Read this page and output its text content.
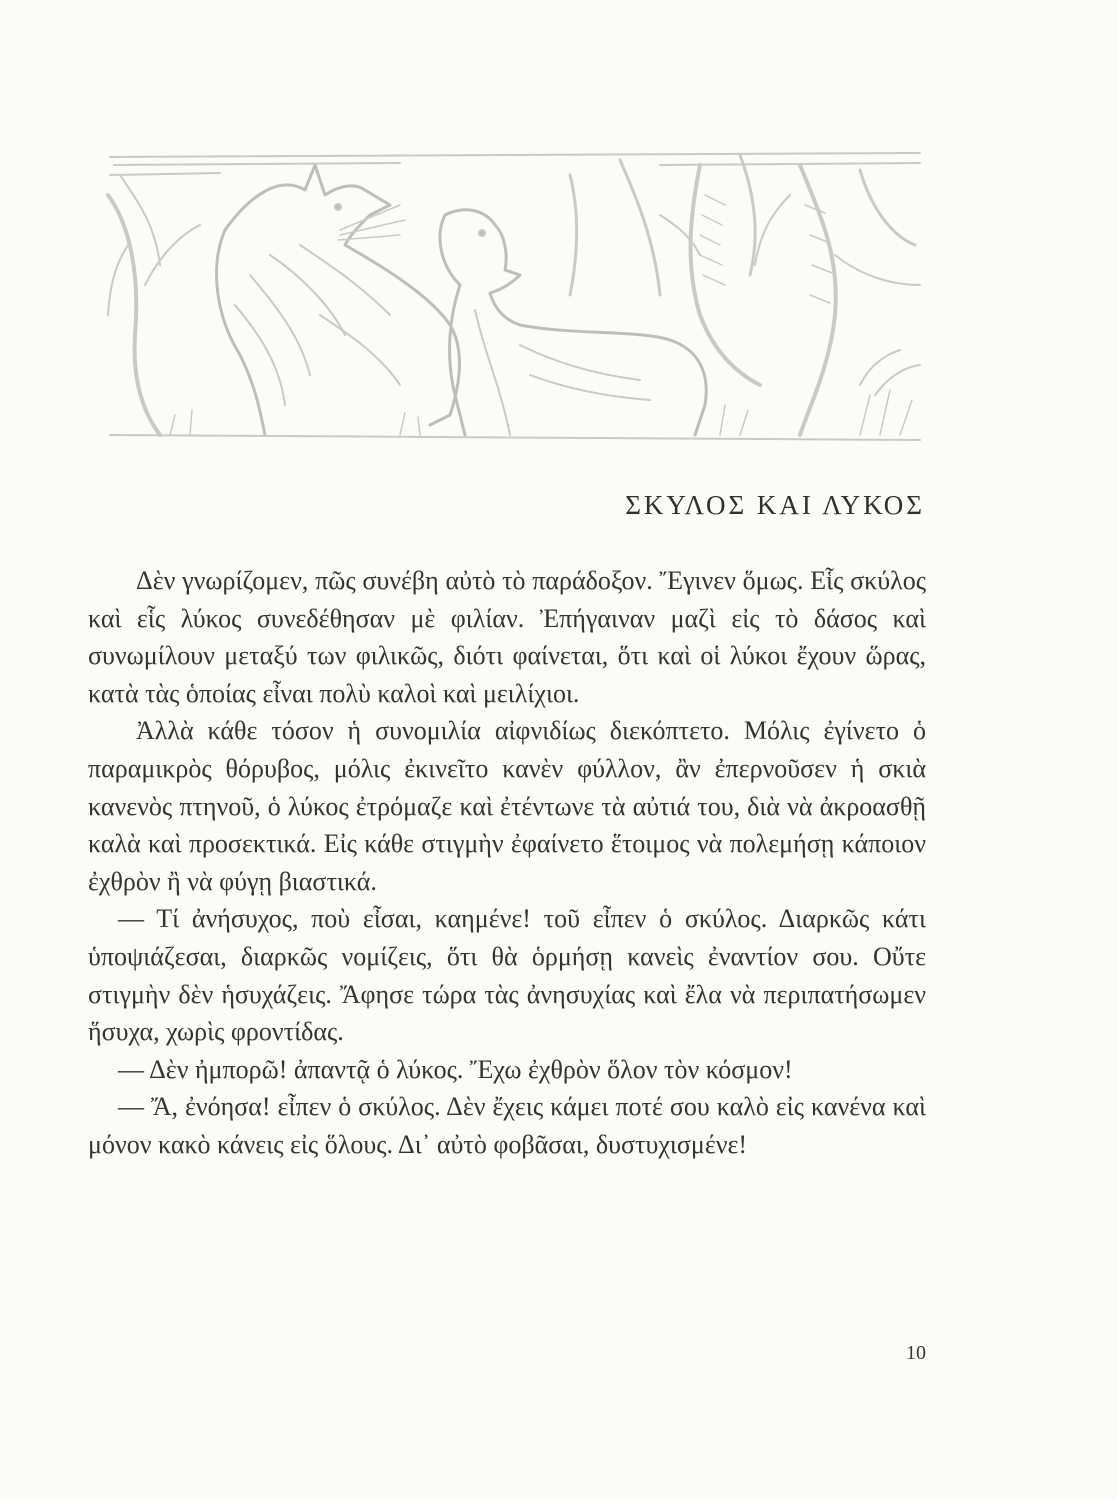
ΣΚΥΛΟΣ ΚΑΙ ΛΥΚΟΣ

Δὲν γνωρίζομεν, πῶς συνέβη αὐτὸ τὸ παράδοξον. Ἔγινεν ὅμως. Εἷς σκύλος καὶ εἷς λύκος συνεδέθησαν μὲ φιλίαν. Ἐπήγαιναν μαζὶ εἰς τὸ δάσος καὶ συνωμίλουν μεταξύ των φιλικῶς, διότι φαίνεται, ὅτι καὶ οἱ λύκοι ἔχουν ὥρας, κατὰ τὰς ὁποίας εἶναι πολὺ καλοὶ καὶ μειλίχιοι.

Ἀλλὰ κάθε τόσον ἡ συνομιλία αἰφνιδίως διεκόπτετο. Μόλις ἐγίνετο ὁ παραμικρὸς θόρυβος, μόλις ἐκινεῖτο κανὲν φύλλον, ἂν ἐπερνοῦσεν ἡ σκιὰ κανενὸς πτηνοῦ, ὁ λύκος ἐτρόμαζε καὶ ἐτέντωνε τὰ αὐτιά του, διὰ νὰ ἀκροασθῇ καλὰ καὶ προσεκτικά. Εἰς κάθε στιγμὴν ἐφαίνετο ἕτοιμος νὰ πολεμήσῃ κάποιον ἐχθρὸν ἢ νὰ φύγῃ βιαστικά.

— Τί ἀνήσυχος, ποὺ εἶσαι, καημένε! τοῦ εἶπεν ὁ σκύλος. Διαρκῶς κάτι ὑποψιάζεσαι, διαρκῶς νομίζεις, ὅτι θὰ ὁρμήσῃ κανεὶς ἐναντίον σου. Οὔτε στιγμὴν δὲν ἡσυχάζεις. Ἄφησε τώρα τὰς ἀνησυχίας καὶ ἔλα νὰ περιπατήσωμεν ἥσυχα, χωρὶς φροντίδας.

— Δὲν ἠμπορῶ! ἀπαντᾷ ὁ λύκος. Ἔχω ἐχθρὸν ὅλον τὸν κόσμον!

— Ἄ, ἐνόησα! εἶπεν ὁ σκύλος. Δὲν ἔχεις κάμει ποτέ σου καλὸ εἰς κανένα καὶ μόνον κακὸ κάνεις εἰς ὅλους. Δι᾿ αὐτὸ φοβᾶσαι, δυστυχισμένε!

10
